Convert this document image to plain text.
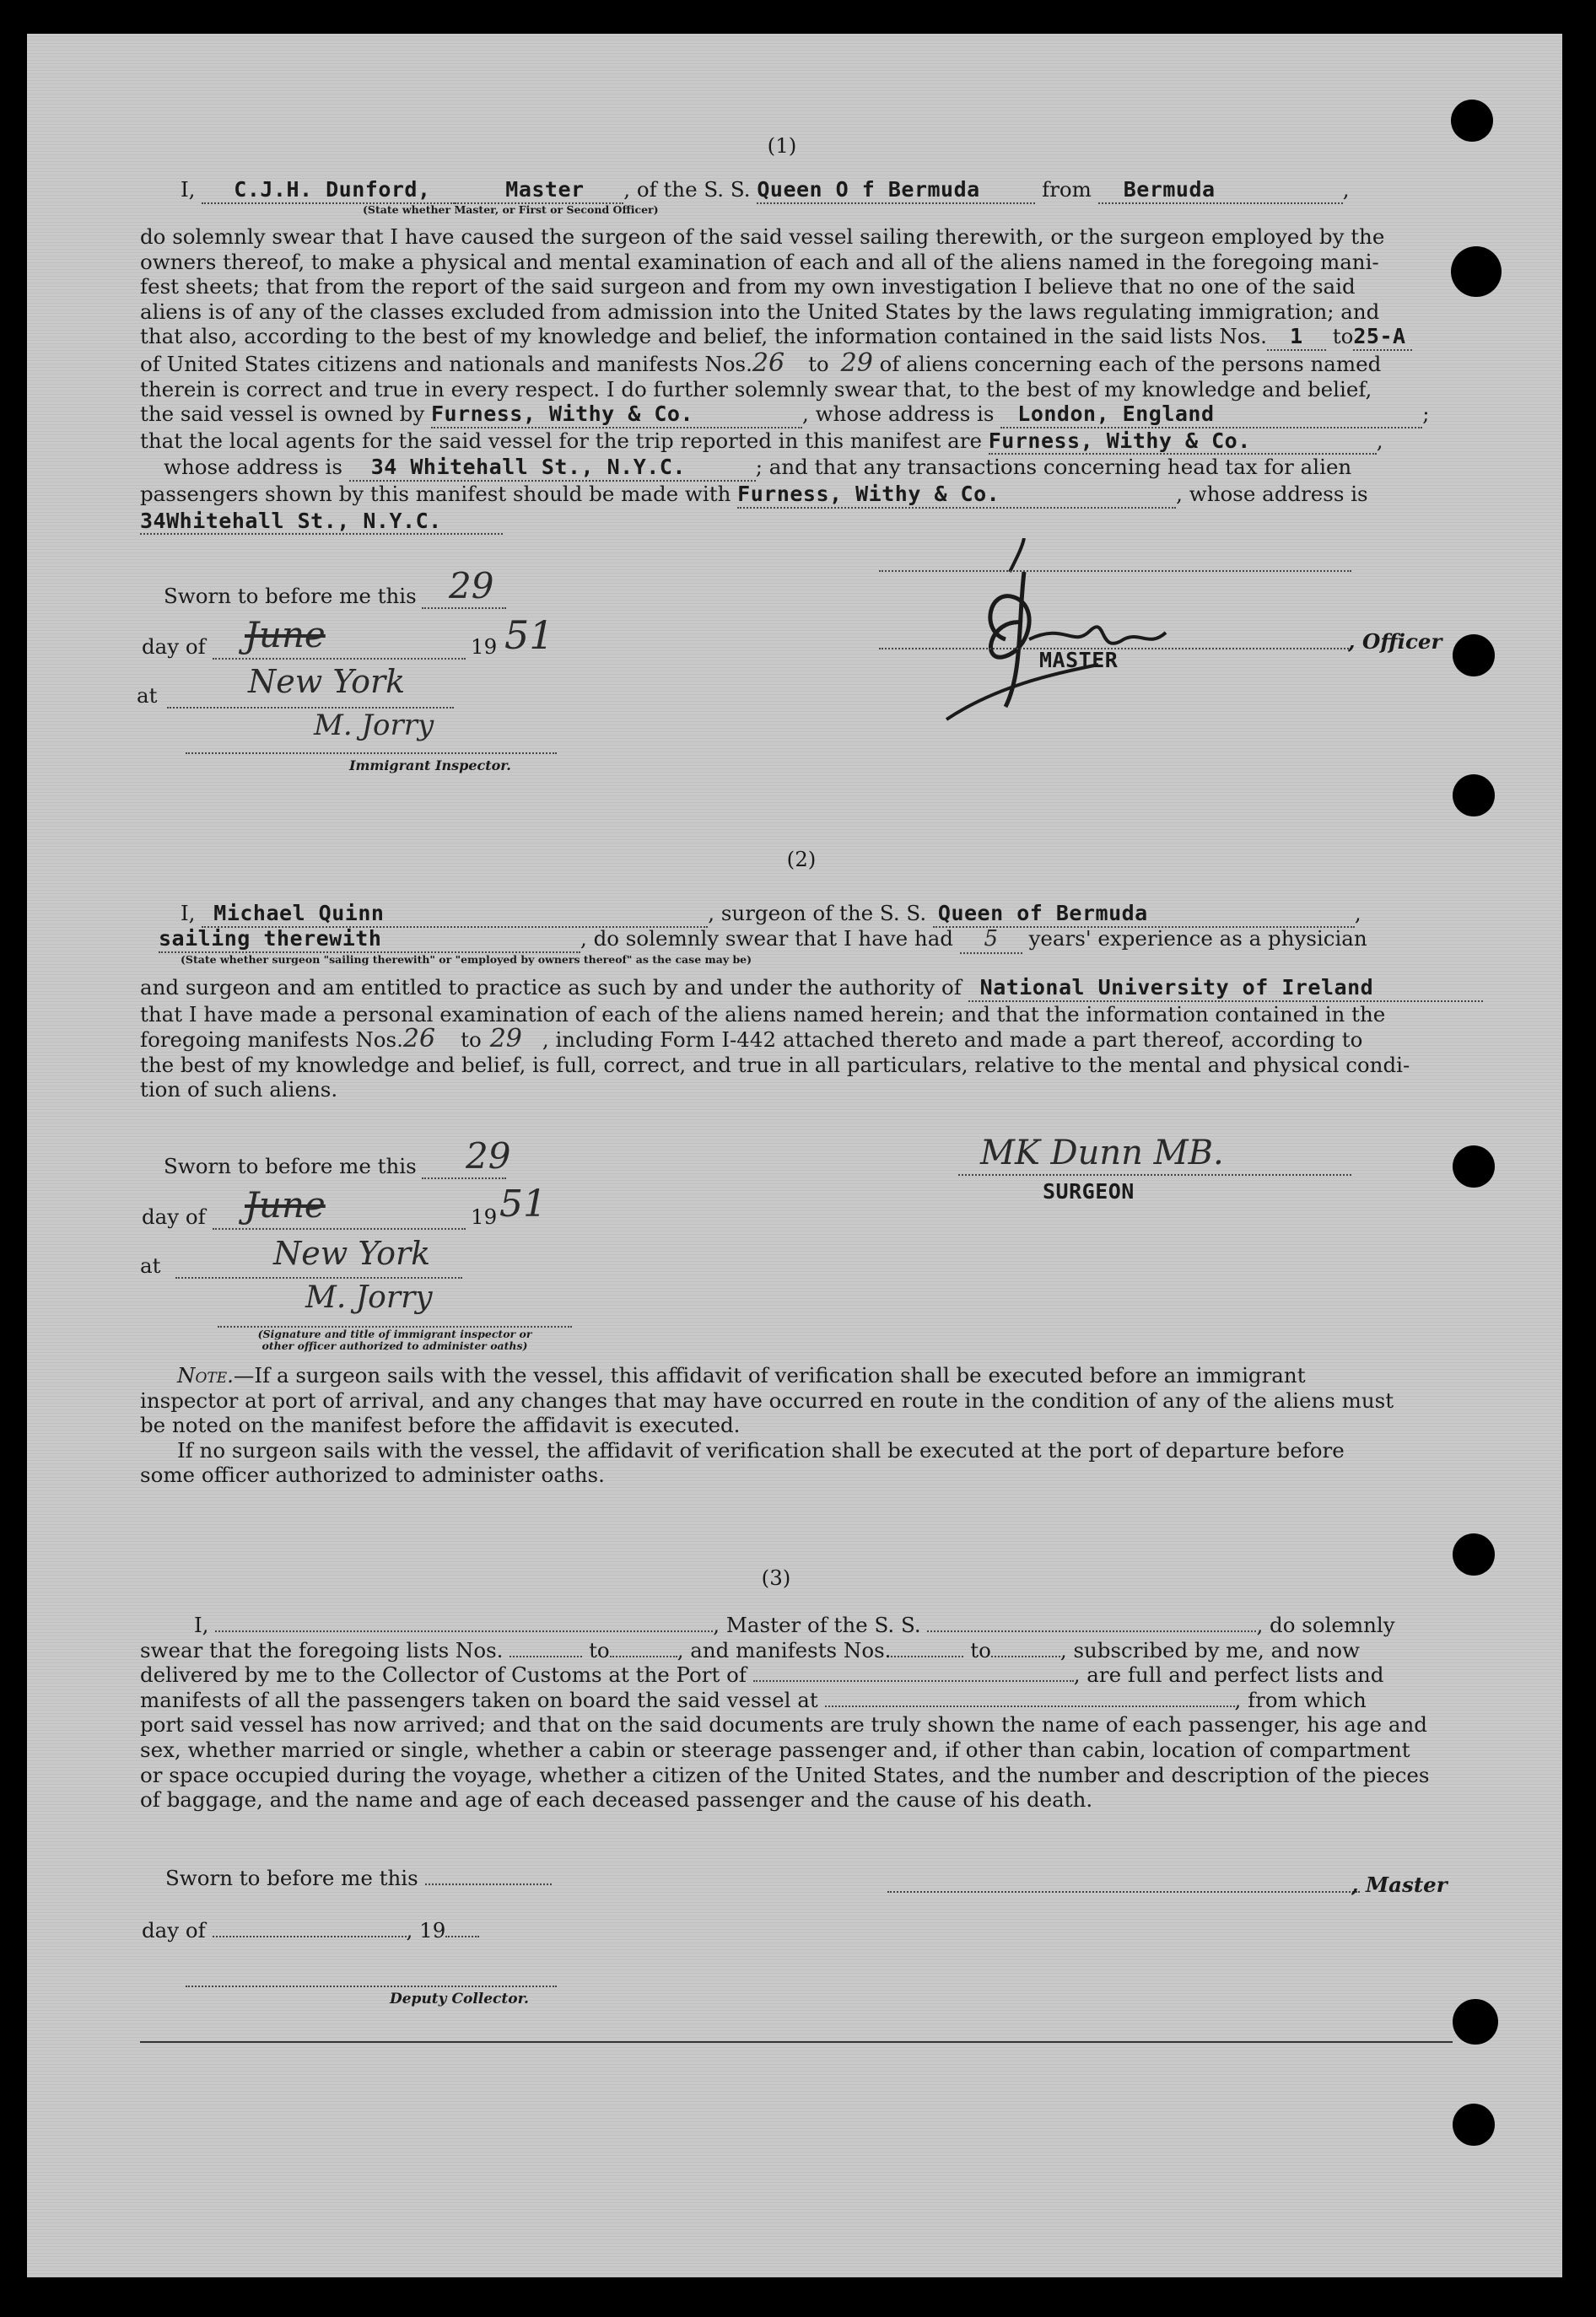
(1)
I, C.J.H. Dunford,	Master , of the S. S. Queen O f Bermuda	from Bermuda	,
(State whether Master, or First or Second Officer)
do solemnly swear that I have caused the surgeon of the said vessel sailing therewith, or the surgeon employed by the
owners thereof, to make a physical and mental examination of each and all of the aliens named in the foregoing mani-
fest sheets; that from the report of the said surgeon and from my own investigation I believe that no one of the said
aliens is of any of the classes excluded from admission into the United States by the laws regulating immigration; and
that also, according to the best of my knowledge and belief, the information contained in the said lists Nos. 1 to25-A
of United States citizens and nationals and manifests Nos.26 to 29 of aliens concerning each of the persons named
therein is correct and true in every respect. I do further solemnly swear that, to the best of my knowledge and belief,
the said vessel is owned by Furness, Withy & Co.	, whose address is London, England	;
that the local agents for the said vessel for the trip reported in this manifest are Furness, Withy & Co.	,
whose address is 34 Whitehall St., N.Y.C.	; and that any transactions concerning head tax for alien
passengers shown by this manifest should be made with Furness, Withy & Co.	, whose address is
34Whitehall St., N.Y.C.
Sworn to before me this 29
day of June	19 51
at	New York
M. Jorry
Immigrant Inspector.
, Officer
MASTER
(2)
I, Michael Quinn	, surgeon of the S. S. Queen of Bermuda	,
sailing therewith	, do solemnly swear that I have had 5 years' experience as a physician
(State whether surgeon "sailing therewith" or "employed by owners thereof" as the case may be)
and surgeon and am entitled to practice as such by and under the authority of National University of Ireland
that I have made a personal examination of each of the aliens named herein; and that the information contained in the
foregoing manifests Nos.26 to 29 , including Form I-442 attached thereto and made a part thereof, according to
the best of my knowledge and belief, is full, correct, and true in all particulars, relative to the mental and physical condi-
tion of such aliens.
MK Dunn MB.
SURGEON
Sworn to before me this 29
day of June	19 51
at	New York
M. Jorry
(Signature and title of immigrant inspector or
other officer authorized to administer oaths)
Note.—If a surgeon sails with the vessel, this affidavit of verification shall be executed before an immigrant
inspector at port of arrival, and any changes that may have occurred en route in the condition of any of the aliens must
be noted on the manifest before the affidavit is executed.
If no surgeon sails with the vessel, the affidavit of verification shall be executed at the port of departure before
some officer authorized to administer oaths.
(3)
I,	, Master of the S. S.	, do solemnly
swear that the foregoing lists Nos.	to	, and manifests Nos.	to	, subscribed by me, and now
delivered by me to the Collector of Customs at the Port of	, are full and perfect lists and
manifests of all the passengers taken on board the said vessel at	, from which
port said vessel has now arrived; and that on the said documents are truly shown the name of each passenger, his age and
sex, whether married or single, whether a cabin or steerage passenger and, if other than cabin, location of compartment
or space occupied during the voyage, whether a citizen of the United States, and the number and description of the pieces
of baggage, and the name and age of each deceased passenger and the cause of his death.
Sworn to before me this
day of	, 19
Deputy Collector.
, Master
